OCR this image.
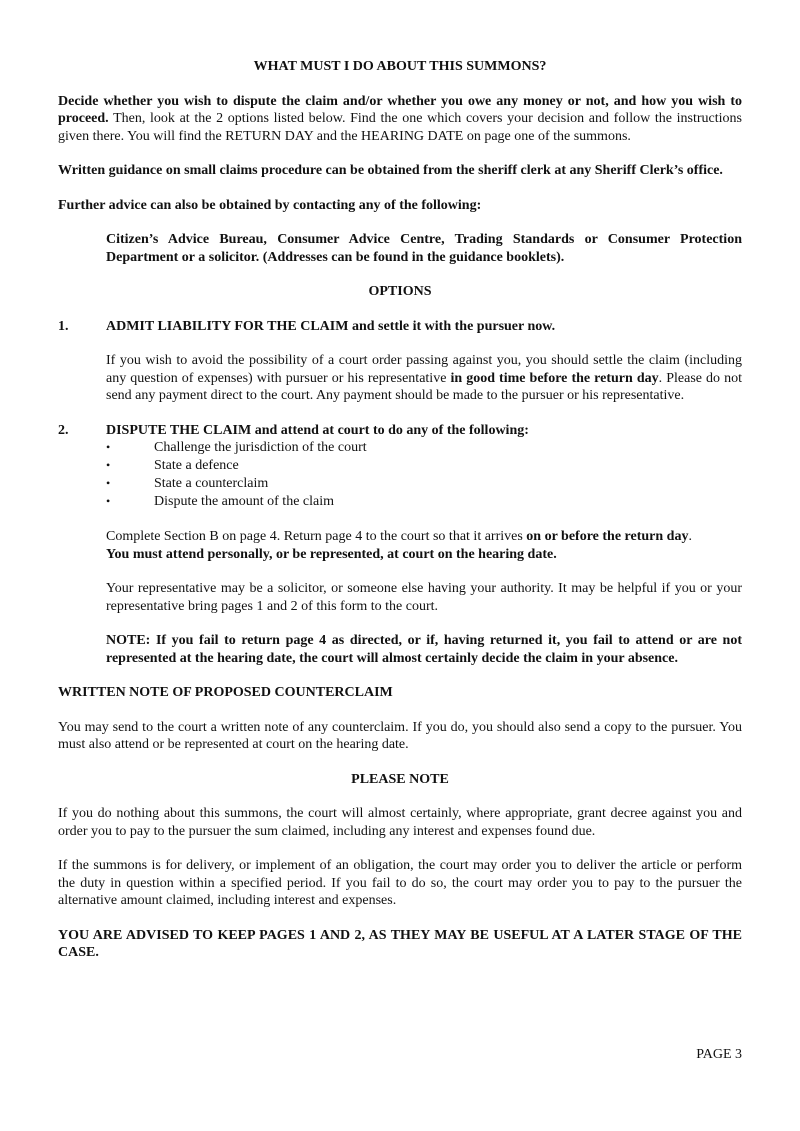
WHAT MUST I DO ABOUT THIS SUMMONS?

Decide whether you wish to dispute the claim and/or whether you owe any money or not, and how you wish to proceed. Then, look at the 2 options listed below. Find the one which covers your decision and follow the instructions given there. You will find the RETURN DAY and the HEARING DATE on page one of the summons.

Written guidance on small claims procedure can be obtained from the sheriff clerk at any Sheriff Clerk’s office.

Further advice can also be obtained by contacting any of the following:

Citizen’s Advice Bureau, Consumer Advice Centre, Trading Standards or Consumer Protection Department or a solicitor. (Addresses can be found in the guidance booklets).

OPTIONS

1.	ADMIT LIABILITY FOR THE CLAIM and settle it with the pursuer now.

If you wish to avoid the possibility of a court order passing against you, you should settle the claim (including any question of expenses) with pursuer or his representative in good time before the return day. Please do not send any payment direct to the court. Any payment should be made to the pursuer or his representative.

2.	DISPUTE THE CLAIM and attend at court to do any of the following:
•	Challenge the jurisdiction of the court
•	State a defence
•	State a counterclaim
•	Dispute the amount of the claim

Complete Section B on page 4. Return page 4 to the court so that it arrives on or before the return day.
You must attend personally, or be represented, at court on the hearing date.

Your representative may be a solicitor, or someone else having your authority. It may be helpful if you or your representative bring pages 1 and 2 of this form to the court.

NOTE: If you fail to return page 4 as directed, or if, having returned it, you fail to attend or are not represented at the hearing date, the court will almost certainly decide the claim in your absence.

WRITTEN NOTE OF PROPOSED COUNTERCLAIM

You may send to the court a written note of any counterclaim. If you do, you should also send a copy to the pursuer. You must also attend or be represented at court on the hearing date.

PLEASE NOTE

If you do nothing about this summons, the court will almost certainly, where appropriate, grant decree against you and order you to pay to the pursuer the sum claimed, including any interest and expenses found due.

If the summons is for delivery, or implement of an obligation, the court may order you to deliver the article or perform the duty in question within a specified period. If you fail to do so, the court may order you to pay to the pursuer the alternative amount claimed, including interest and expenses.

YOU ARE ADVISED TO KEEP PAGES 1 AND 2, AS THEY MAY BE USEFUL AT A LATER STAGE OF THE CASE.

PAGE 3
